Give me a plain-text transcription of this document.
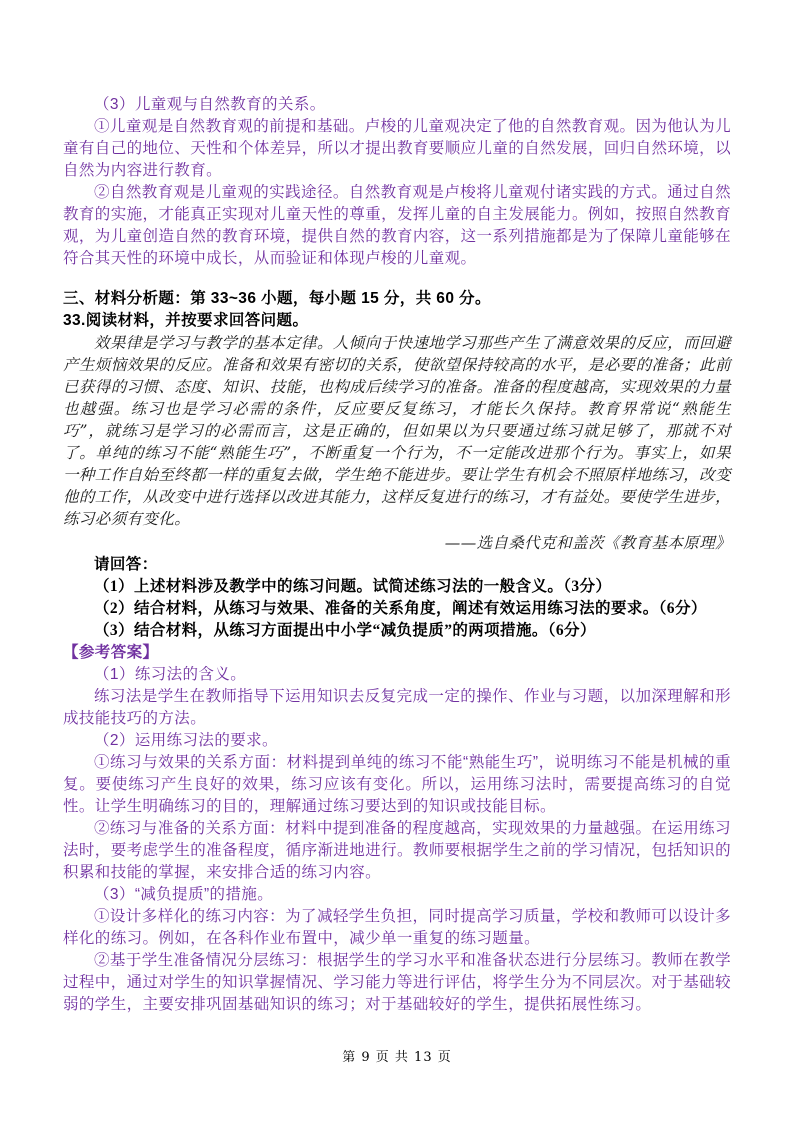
（3）儿童观与自然教育的关系。

①儿童观是自然教育观的前提和基础。卢梭的儿童观决定了他的自然教育观。因为他认为儿童有自己的地位、天性和个体差异，所以才提出教育要顺应儿童的自然发展，回归自然环境，以自然为内容进行教育。

②自然教育观是儿童观的实践途径。自然教育观是卢梭将儿童观付诸实践的方式。通过自然教育的实施，才能真正实现对儿童天性的尊重，发挥儿童的自主发展能力。例如，按照自然教育观，为儿童创造自然的教育环境，提供自然的教育内容，这一系列措施都是为了保障儿童能够在符合其天性的环境中成长，从而验证和体现卢梭的儿童观。

三、材料分析题：第 33~36 小题，每小题 15 分，共 60 分。

33.阅读材料，并按要求回答问题。

效果律是学习与教学的基本定律。人倾向于快速地学习那些产生了满意效果的反应，而回避产生烦恼效果的反应。准备和效果有密切的关系，使欲望保持较高的水平，是必要的准备；此前已获得的习惯、态度、知识、技能，也构成后续学习的准备。准备的程度越高，实现效果的力量也越强。练习也是学习必需的条件，反应要反复练习，才能长久保持。教育界常说“熟能生巧”，就练习是学习的必需而言，这是正确的，但如果以为只要通过练习就足够了，那就不对了。单纯的练习不能“熟能生巧”，不断重复一个行为，不一定能改进那个行为。事实上，如果一种工作自始至终都一样的重复去做，学生绝不能进步。要让学生有机会不照原样地练习，改变他的工作，从改变中进行选择以改进其能力，这样反复进行的练习，才有益处。要使学生进步，练习必须有变化。

——选自桑代克和盖茨《教育基本原理》

请回答：

（1）上述材料涉及教学中的练习问题。试简述练习法的一般含义。（3分）

（2）结合材料，从练习与效果、准备的关系角度，阐述有效运用练习法的要求。（6分）

（3）结合材料，从练习方面提出中小学“减负提质”的两项措施。（6分）

【参考答案】

（1）练习法的含义。

练习法是学生在教师指导下运用知识去反复完成一定的操作、作业与习题，以加深理解和形成技能技巧的方法。

（2）运用练习法的要求。

①练习与效果的关系方面：材料提到单纯的练习不能“熟能生巧”，说明练习不能是机械的重复。要使练习产生良好的效果，练习应该有变化。所以，运用练习法时，需要提高练习的自觉性。让学生明确练习的目的，理解通过练习要达到的知识或技能目标。

②练习与准备的关系方面：材料中提到准备的程度越高，实现效果的力量越强。在运用练习法时，要考虑学生的准备程度，循序渐进地进行。教师要根据学生之前的学习情况，包括知识的积累和技能的掌握，来安排合适的练习内容。

（3）“减负提质”的措施。

①设计多样化的练习内容：为了减轻学生负担，同时提高学习质量，学校和教师可以设计多样化的练习。例如，在各科作业布置中，减少单一重复的练习题量。

②基于学生准备情况分层练习：根据学生的学习水平和准备状态进行分层练习。教师在教学过程中，通过对学生的知识掌握情况、学习能力等进行评估，将学生分为不同层次。对于基础较弱的学生，主要安排巩固基础知识的练习；对于基础较好的学生，提供拓展性练习。

第 9 页 共 13 页
